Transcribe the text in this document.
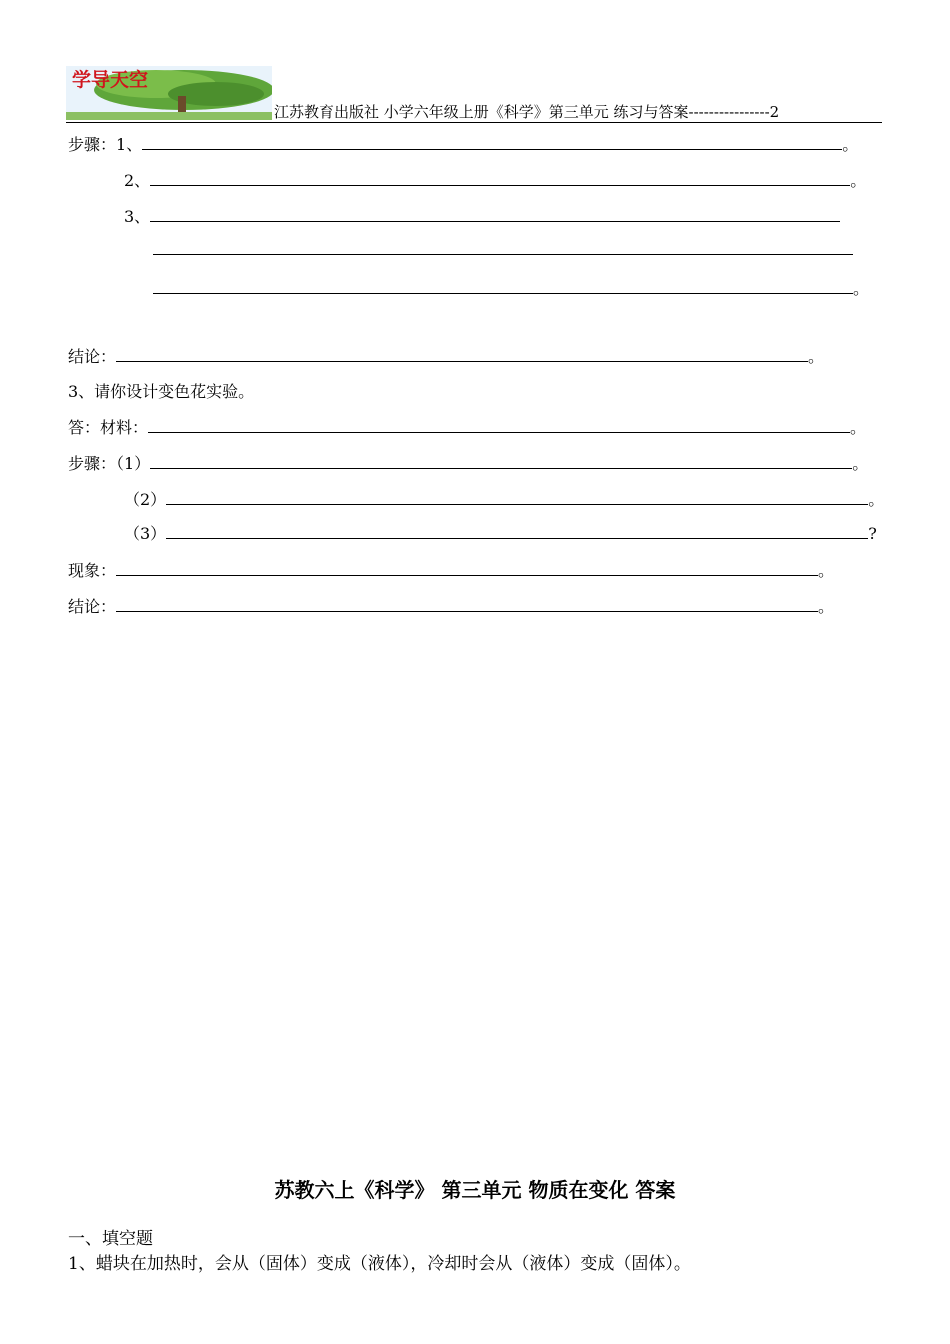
学导天空
江苏教育出版社 小学六年级上册《科学》第三单元 练习与答案----------------2
步骤：1、	。
2、	。
3、
。
结论：	。
3、请你设计变色花实验。
答：材料：	。
步骤：（1）	。
（2）	。
（3）	?
现象：	。
结论：	。
苏教六上《科学》 第三单元 物质在变化 答案
一、填空题
1、蜡块在加热时，会从（固体）变成（液体），冷却时会从（液体）变成（固体）。
